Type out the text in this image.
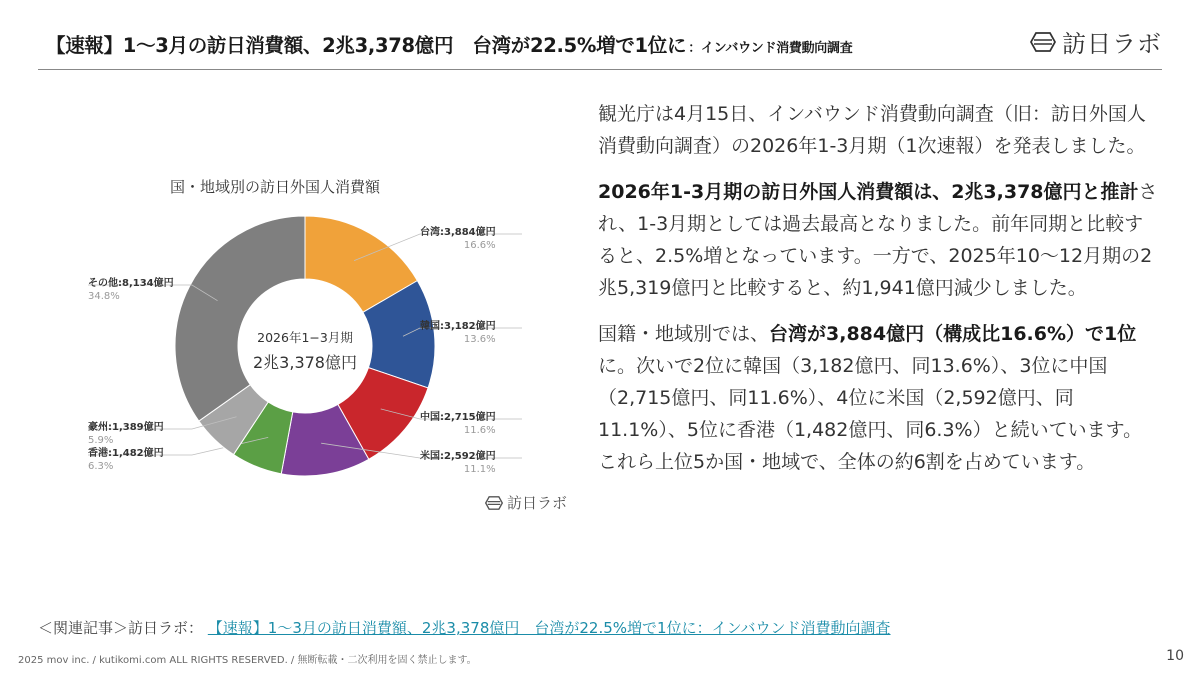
【速報】1〜3月の訪日消費額、2兆3,378億円　台湾が22.5%増で1位に ：インバウンド消費動向調査	訪日ラボ
国・地域別の訪日外国人消費額
2026年1−3月期
2兆3,378億円
台湾:3,884億円
16.6%
韓国:3,182億円
13.6%
中国:2,715億円
11.6%
米国:2,592億円
11.1%
香港:1,482億円
6.3%
豪州:1,389億円
5.9%
その他:8,134億円
34.8%
訪日ラボ

観光庁は4月15日、インバウンド消費動向調査（旧：訪日外国人消費動向調査）の2026年1-3月期（1次速報）を発表しました。

2026年1-3月期の訪日外国人消費額は、2兆3,378億円と推計され、1-3月期としては過去最高となりました。前年同期と比較すると、2.5%増となっています。一方で、2025年10〜12月期の2兆5,319億円と比較すると、約1,941億円減少しました。

国籍・地域別では、台湾が3,884億円（構成比16.6%）で1位に。次いで2位に韓国（3,182億円、同13.6%）、3位に中国（2,715億円、同11.6%）、4位に米国（2,592億円、同11.1%）、5位に香港（1,482億円、同6.3%）と続いています。これら上位5か国・地域で、全体の約6割を占めています。

＜関連記事＞訪日ラボ： 【速報】1〜3月の訪日消費額、2兆3,378億円　台湾が22.5%増で1位に：インバウンド消費動向調査
2025 mov inc. / kutikomi.com ALL RIGHTS RESERVED. / 無断転載・二次利用を固く禁止します。	10
